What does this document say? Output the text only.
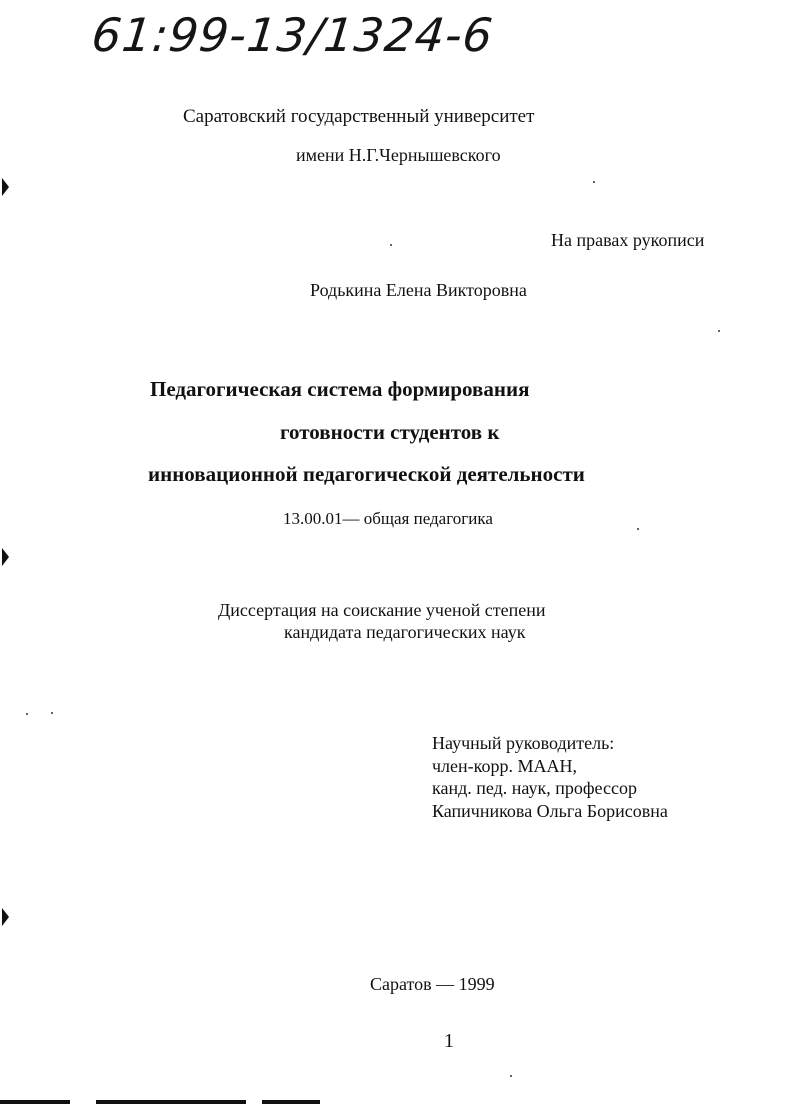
61:99-13/1324-6
Саратовский государственный университет
имени Н.Г.Чернышевского
На правах рукописи
Родькина Елена Викторовна
Педагогическая система формирования
готовности студентов к
инновационной педагогической деятельности
13.00.01— общая педагогика
Диссертация на соискание ученой степени
кандидата педагогических наук
Научный руководитель:
член-корр. МААН,
канд. пед. наук, профессор
Капичникова Ольга Борисовна
Саратов — 1999
1
